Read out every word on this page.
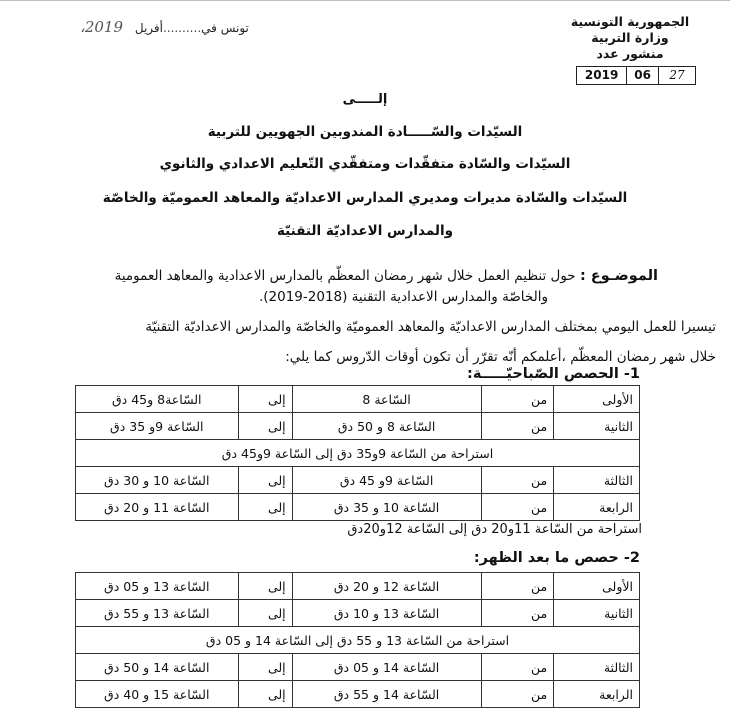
تونس في..........أفريل 2019،	الجمهورية التونسية
وزارة التربية
منشور عدد
2019	06	27
إلـــــى
السيّدات والسّـــــادة المندوبين الجهويين للتربية
السيّدات والسّادة متفقّدات ومتفقّدي التّعليم الاعدادي والثانوي
السيّدات والسّادة مديرات ومديري المدارس الاعداديّة والمعاهد العموميّة والخاصّة
والمدارس الاعداديّة التقنيّة
الموضـوع : حول تنظيم العمل خلال شهر رمضان المعظّم بالمدارس الاعدادية والمعاهد العمومية
والخاصّة والمدارس الاعدادية التقنية (2018-2019).
تيسيرا للعمل اليومي بمختلف المدارس الاعداديّة والمعاهد العموميّة والخاصّة والمدارس الاعداديّة التقنيّة
خلال شهر رمضان المعظّم ،أعلمكم أنّه تقرّر أن تكون أوقات الدّروس كما يلي:
1- الحصص الصّباحيّـــــة:
الأولى	من	السّاعة 8	إلى	السّاعة8 و45 دق
الثانية	من	السّاعة 8 و 50 دق	إلى	السّاعة 9و 35 دق
استراحة من السّاعة 9و35 دق إلى السّاعة 9و45 دق				
الثالثة	من	السّاعة 9و 45 دق	إلى	السّاعة 10 و 30 دق
الرابعة	من	السّاعة 10 و 35 دق	إلى	السّاعة 11 و 20 دق
استراحة من السّاعة 11و20 دق إلى السّاعة 12و20دق
2- حصص ما بعد الظهر:
الأولى	من	السّاعة 12 و 20 دق	إلى	السّاعة 13 و 05 دق
الثانية	من	السّاعة 13 و 10 دق	إلى	السّاعة 13 و 55 دق
استراحة من السّاعة 13 و 55 دق إلى السّاعة 14 و 05 دق				
الثالثة	من	السّاعة 14 و 05 دق	إلى	السّاعة 14 و 50 دق
الرابعة	من	السّاعة 14 و 55 دق	إلى	السّاعة 15 و 40 دق
